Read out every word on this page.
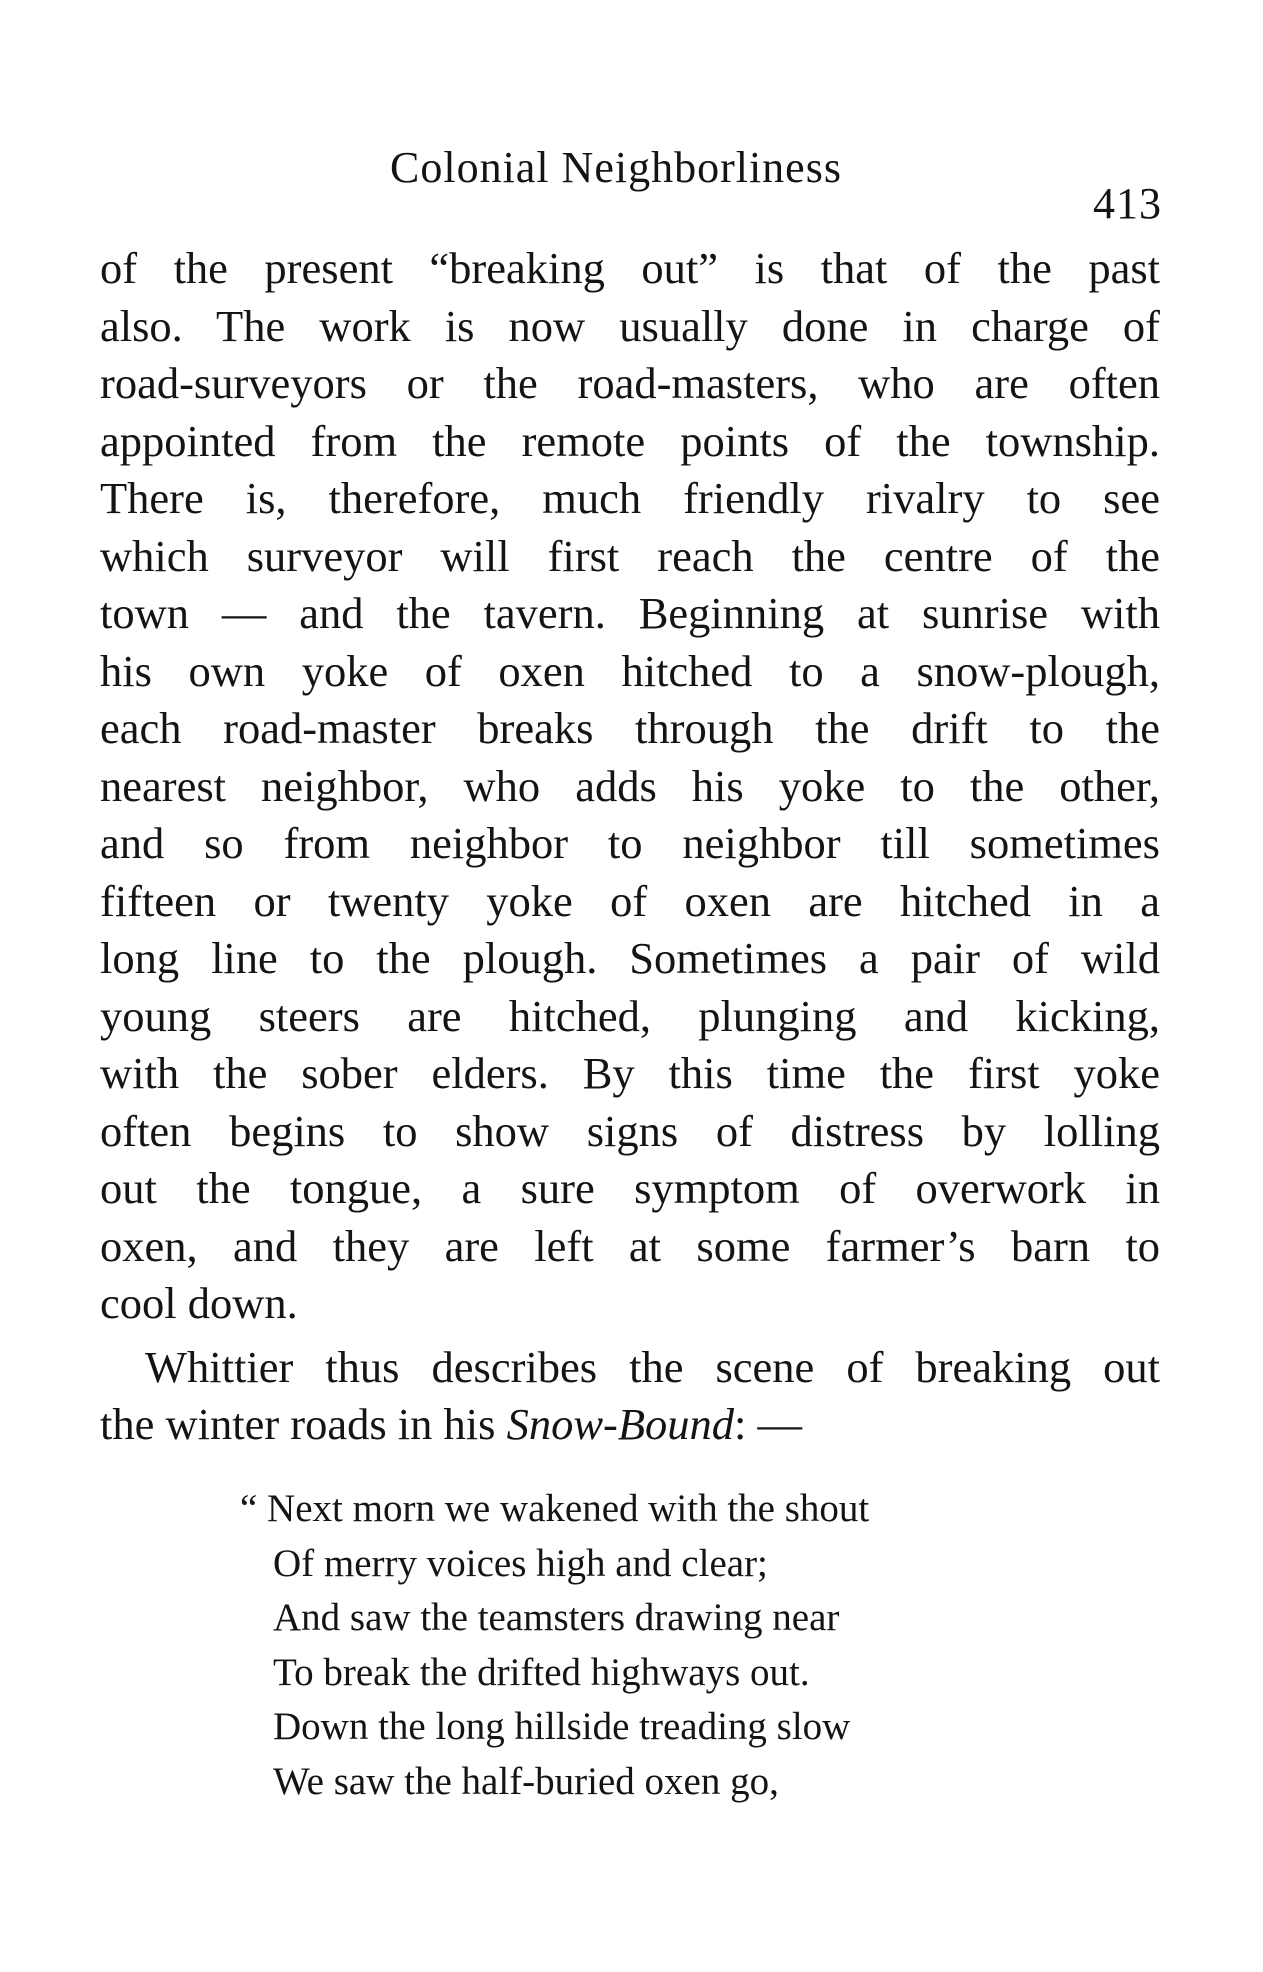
Colonial Neighborliness
413
of the present “breaking out” is that of the past
also. The work is now usually done in charge of
road-surveyors or the road-masters, who are often
appointed from the remote points of the township.
There is, therefore, much friendly rivalry to see
which surveyor will first reach the centre of the
town — and the tavern. Beginning at sunrise with
his own yoke of oxen hitched to a snow-plough,
each road-master breaks through the drift to the
nearest neighbor, who adds his yoke to the other,
and so from neighbor to neighbor till sometimes
fifteen or twenty yoke of oxen are hitched in a
long line to the plough. Sometimes a pair of wild
young steers are hitched, plunging and kicking,
with the sober elders. By this time the first yoke
often begins to show signs of distress by lolling
out the tongue, a sure symptom of overwork in
oxen, and they are left at some farmer’s barn to
cool down.
Whittier thus describes the scene of breaking out
the winter roads in his Snow-Bound: —
“ Next morn we wakened with the shout
Of merry voices high and clear;
And saw the teamsters drawing near
To break the drifted highways out.
Down the long hillside treading slow
We saw the half-buried oxen go,
